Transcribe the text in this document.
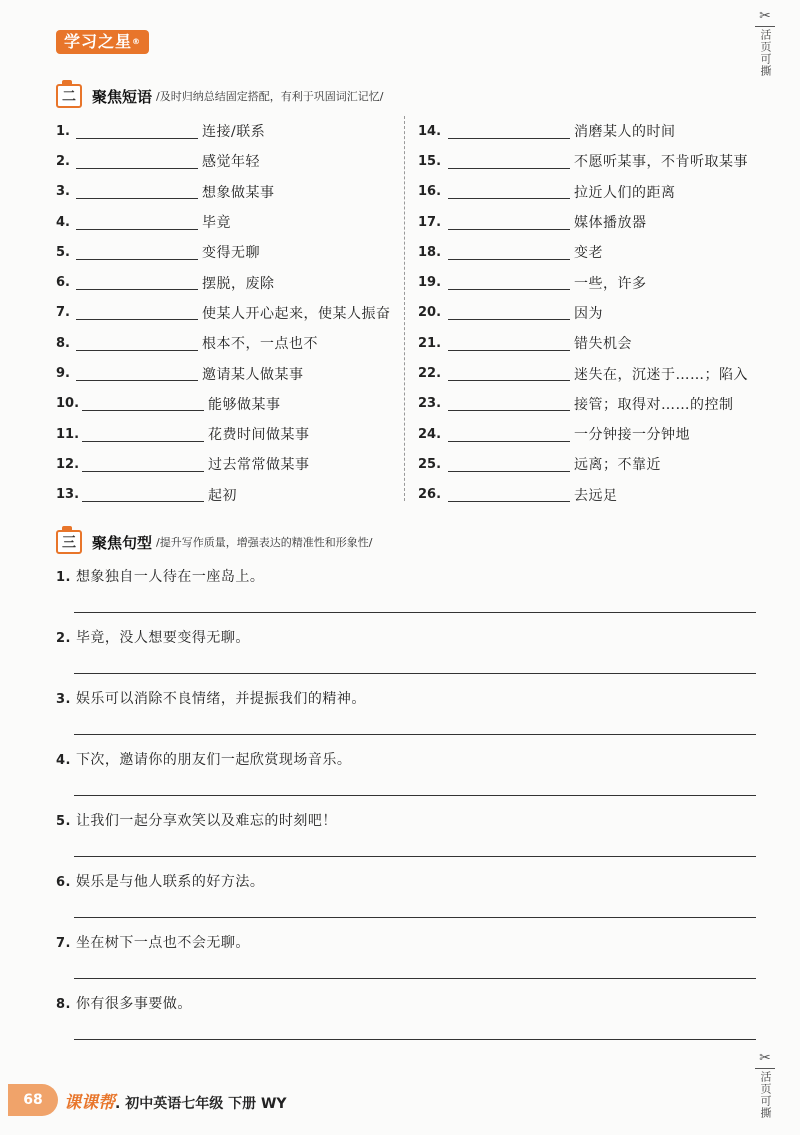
学习之星®
✂
活页可撕
✂
活页可撕
二	聚焦短语 /及时归纳总结固定搭配，有利于巩固词汇记忆/
1.	连接/联系
2.	感觉年轻
3.	想象做某事
4.	毕竟
5.	变得无聊
6.	摆脱，废除
7.	使某人开心起来，使某人振奋
8.	根本不，一点也不
9.	邀请某人做某事
10.	能够做某事
11.	花费时间做某事
12.	过去常常做某事
13.	起初
14.	消磨某人的时间
15.	不愿听某事，不肯听取某事
16.	拉近人们的距离
17.	媒体播放器
18.	变老
19.	一些，许多
20.	因为
21.	错失机会
22.	迷失在，沉迷于……；陷入
23.	接管；取得对……的控制
24.	一分钟接一分钟地
25.	远离；不靠近
26.	去远足
三	聚焦句型 /提升写作质量，增强表达的精准性和形象性/
1. 想象独自一人待在一座岛上。
2. 毕竟，没人想要变得无聊。
3. 娱乐可以消除不良情绪，并提振我们的精神。
4. 下次，邀请你的朋友们一起欣赏现场音乐。
5. 让我们一起分享欢笑以及难忘的时刻吧！
6. 娱乐是与他人联系的好方法。
7. 坐在树下一点也不会无聊。
8. 你有很多事要做。
68	课课帮. 初中英语七年级 下册 WY
